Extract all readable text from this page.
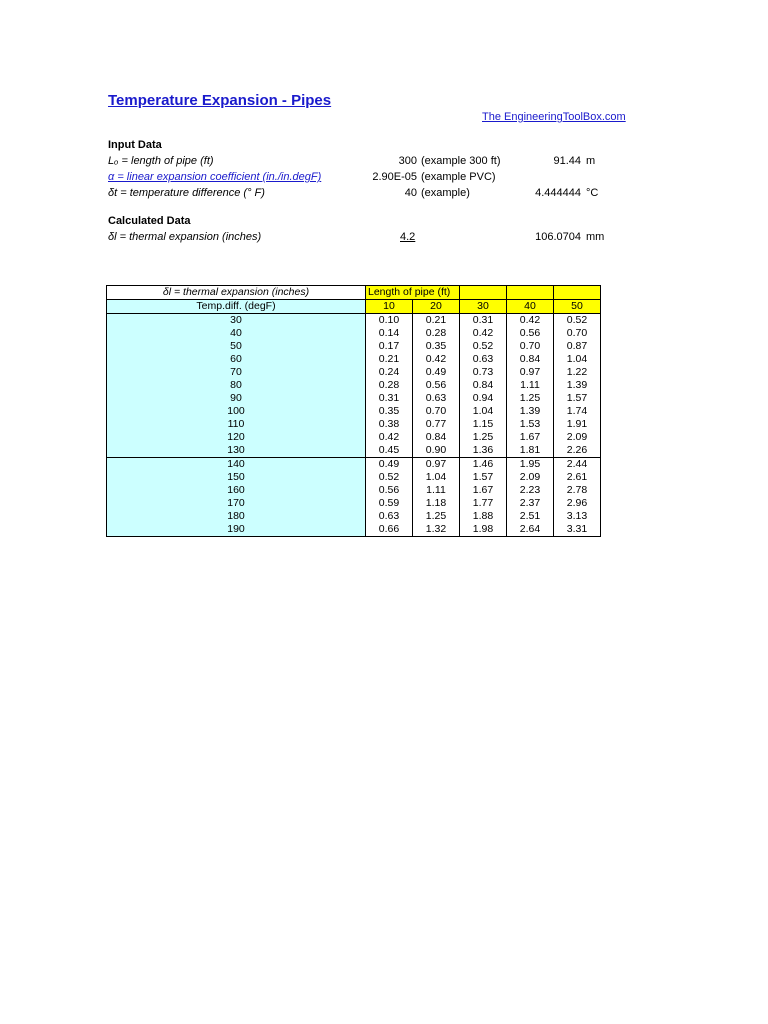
Temperature Expansion - Pipes
The EngineeringToolBox.com
Input Data
Lₒ = length of pipe (ft)	300 (example 300 ft)	91.44 m
α = linear expansion coefficient (in./in.degF)	2.90E-05 (example PVC)
δt = temperature difference (° F)	40 (example)	4.444444 °C
Calculated Data
δl = thermal expansion (inches)	4.2	106.0704 mm
δl = thermal expansion (inches)	Length of pipe (ft)				
Temp.diff. (degF)	10	20	30	40	50
30	0.10	0.21	0.31	0.42	0.52
40	0.14	0.28	0.42	0.56	0.70
50	0.17	0.35	0.52	0.70	0.87
60	0.21	0.42	0.63	0.84	1.04
70	0.24	0.49	0.73	0.97	1.22
80	0.28	0.56	0.84	1.11	1.39
90	0.31	0.63	0.94	1.25	1.57
100	0.35	0.70	1.04	1.39	1.74
110	0.38	0.77	1.15	1.53	1.91
120	0.42	0.84	1.25	1.67	2.09
130	0.45	0.90	1.36	1.81	2.26
140	0.49	0.97	1.46	1.95	2.44
150	0.52	1.04	1.57	2.09	2.61
160	0.56	1.11	1.67	2.23	2.78
170	0.59	1.18	1.77	2.37	2.96
180	0.63	1.25	1.88	2.51	3.13
190	0.66	1.32	1.98	2.64	3.31
